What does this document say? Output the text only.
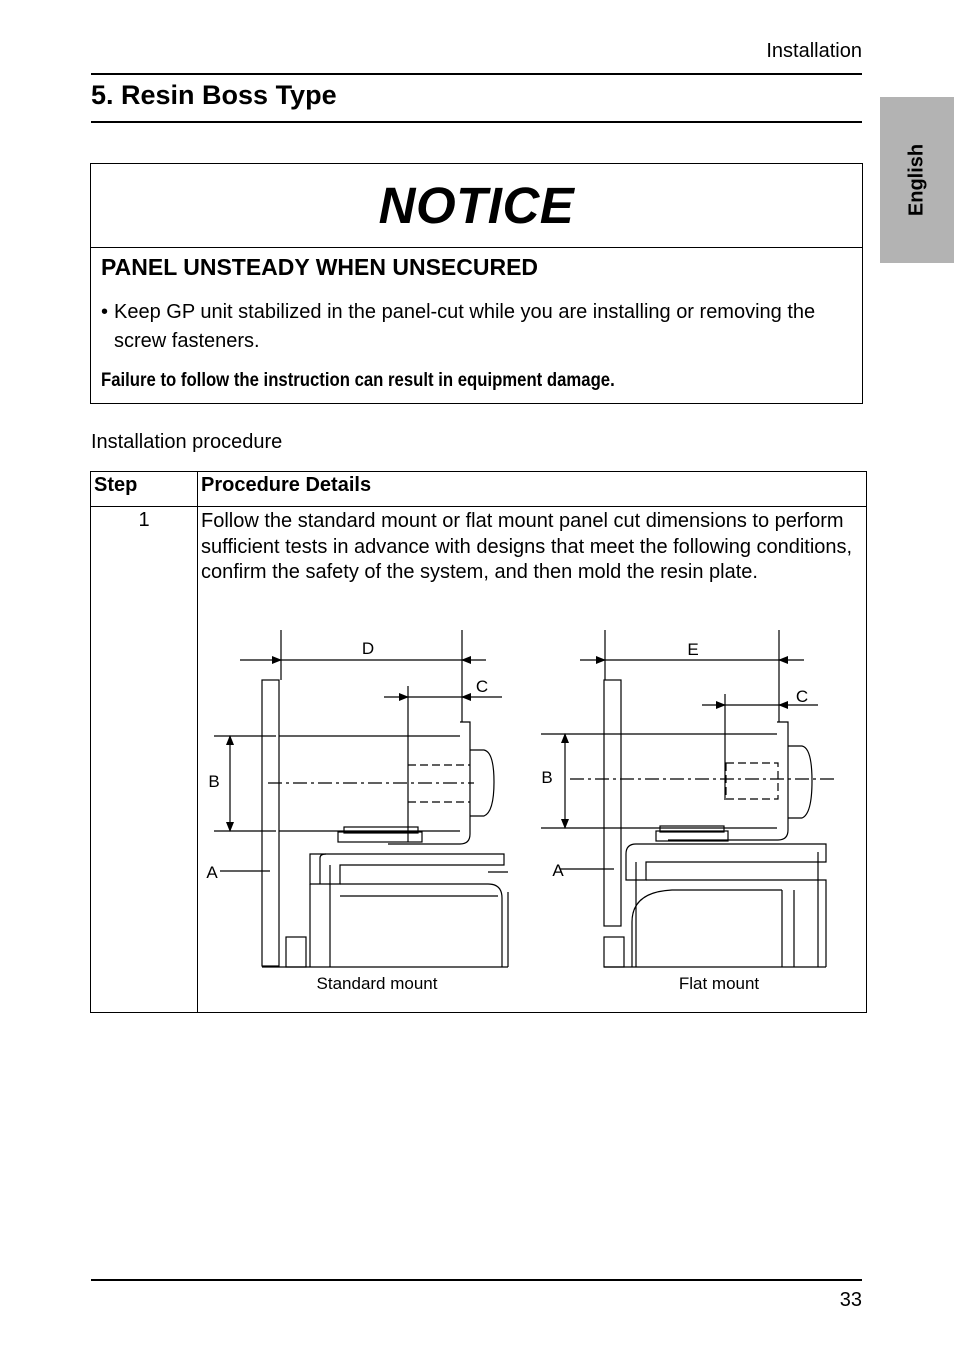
Installation
5. Resin Boss Type
English
NOTICE
PANEL UNSTEADY WHEN UNSECURED
• Keep GP unit stabilized in the panel-cut while you are installing or removing the screw fasteners.
Failure to follow the instruction can result in equipment damage.
Installation procedure
Step	Procedure Details
1	Follow the standard mount or flat mount panel cut dimensions to perform sufficient tests in advance with designs that meet the following conditions, confirm the safety of the system, and then mold the resin plate.
D
C
B
A
E
C
B
A
Standard mount	Flat mount
33
